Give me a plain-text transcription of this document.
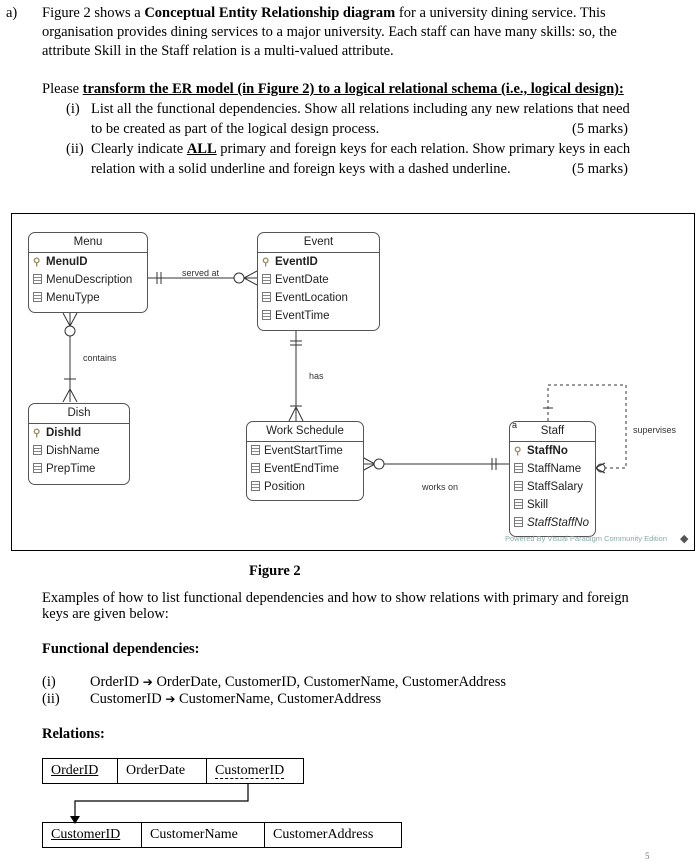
a) Figure 2 shows a Conceptual Entity Relationship diagram for a university dining service. This
organisation provides dining services to a major university. Each staff can have many skills: so, the
attribute Skill in the Staff relation is a multi-valued attribute.
Please transform the ER model (in Figure 2) to a logical relational schema (i.e., logical design):
(i) List all the functional dependencies. Show all relations including any new relations that need
to be created as part of the logical design process.	(5 marks)
(ii) Clearly indicate ALL primary and foreign keys for each relation. Show primary keys in each
relation with a solid underline and foreign keys with a dashed underline.	(5 marks)
Menu
⚲ MenuID
MenuDescription
MenuType
Event
⚲ EventID
EventDate
EventLocation
EventTime
Dish
⚲ DishId
DishName
PrepTime
Work Schedule
EventStartTime
EventEndTime
Position
a	Staff
⚲ StaffNo
StaffName
StaffSalary
Skill
StaffStaffNo
served at
contains
has
works on
supervises
Powered By Visual Paradigm Community Edition ◆
Figure 2
Examples of how to list functional dependencies and how to show relations with primary and foreign
keys are given below:
Functional dependencies:
(i) OrderID ➔ OrderDate, CustomerID, CustomerName, CustomerAddress
(ii) CustomerID ➔ CustomerName, CustomerAddress
Relations:
OrderID	OrderDate	CustomerID
CustomerID	CustomerName	CustomerAddress
5
